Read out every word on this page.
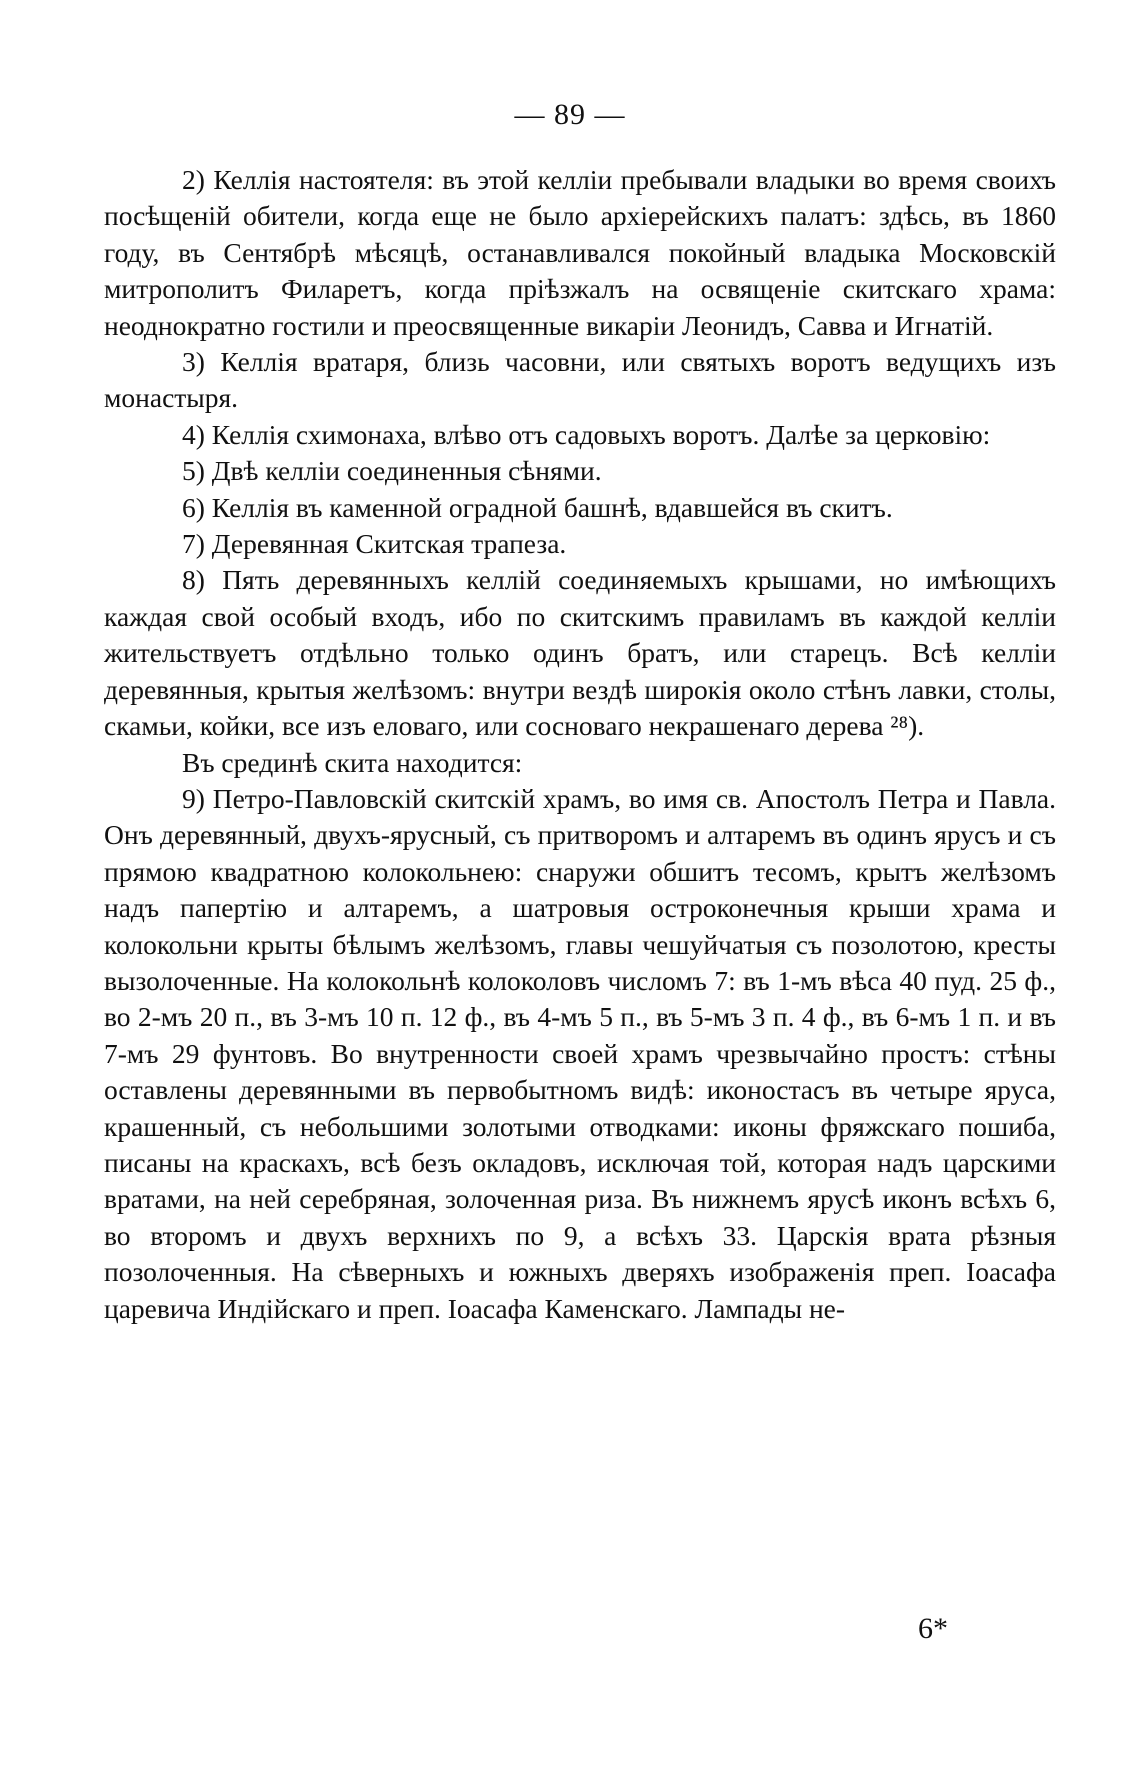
— 89 —

2) Келлія настоятеля: въ этой келліи пребывали владыки во время своихъ посѣщеній обители, когда еще не было архіерейскихъ палатъ: здѣсь, въ 1860 году, въ Сентябрѣ мѣсяцѣ, останавливался покойный владыка Московскій митрополитъ Филаретъ, когда пріѣзжалъ на освященіе скитскаго храма: неоднократно гостили и преосвященные викаріи Леонидъ, Савва и Игнатій.

3) Келлія вратаря, близь часовни, или святыхъ воротъ ведущихъ изъ монастыря.

4) Келлія схимонаха, влѣво отъ садовыхъ воротъ. Далѣе за церковію:

5) Двѣ келліи соединенныя сѣнями.

6) Келлія въ каменной оградной башнѣ, вдавшейся въ скитъ.

7) Деревянная Скитская трапеза.

8) Пять деревянныхъ келлій соединяемыхъ крышами, но имѣющихъ каждая свой особый входъ, ибо по скитскимъ правиламъ въ каждой келліи жительствуетъ отдѣльно только одинъ братъ, или старецъ. Всѣ келліи деревянныя, крытыя желѣзомъ: внутри вездѣ широкія около стѣнъ лавки, столы, скамьи, койки, все изъ еловаго, или сосноваго некрашенаго дерева ²⁸).

Въ срединѣ скита находится:

9) Петро-Павловскій скитскій храмъ, во имя св. Апостолъ Петра и Павла. Онъ деревянный, двухъ-ярусный, съ притворомъ и алтаремъ въ одинъ ярусъ и съ прямою квадратною колокольнею: снаружи обшитъ тесомъ, крытъ желѣзомъ надъ папертію и алтаремъ, а шатровыя остроконечныя крыши храма и колокольни крыты бѣлымъ желѣзомъ, главы чешуйчатыя съ позолотою, кресты вызолоченные. На колокольнѣ колоколовъ числомъ 7: въ 1-мъ вѣса 40 пуд. 25 ф., во 2-мъ 20 п., въ 3-мъ 10 п. 12 ф., въ 4-мъ 5 п., въ 5-мъ 3 п. 4 ф., въ 6-мъ 1 п. и въ 7-мъ 29 фунтовъ. Во внутренности своей храмъ чрезвычайно простъ: стѣны оставлены деревянными въ первобытномъ видѣ: иконостасъ въ четыре яруса, крашенный, съ небольшими золотыми отводками: иконы фряжскаго пошиба, писаны на краскахъ, всѣ безъ окладовъ, исключая той, которая надъ царскими вратами, на ней серебряная, золоченная риза. Въ нижнемъ ярусѣ иконъ всѣхъ 6, во второмъ и двухъ верхнихъ по 9, а всѣхъ 33. Царскія врата рѣзныя позолоченныя. На сѣверныхъ и южныхъ дверяхъ изображенія преп. Іоасафа царевича Индійскаго и преп. Іоасафа Каменскаго. Лампады не-

6*
